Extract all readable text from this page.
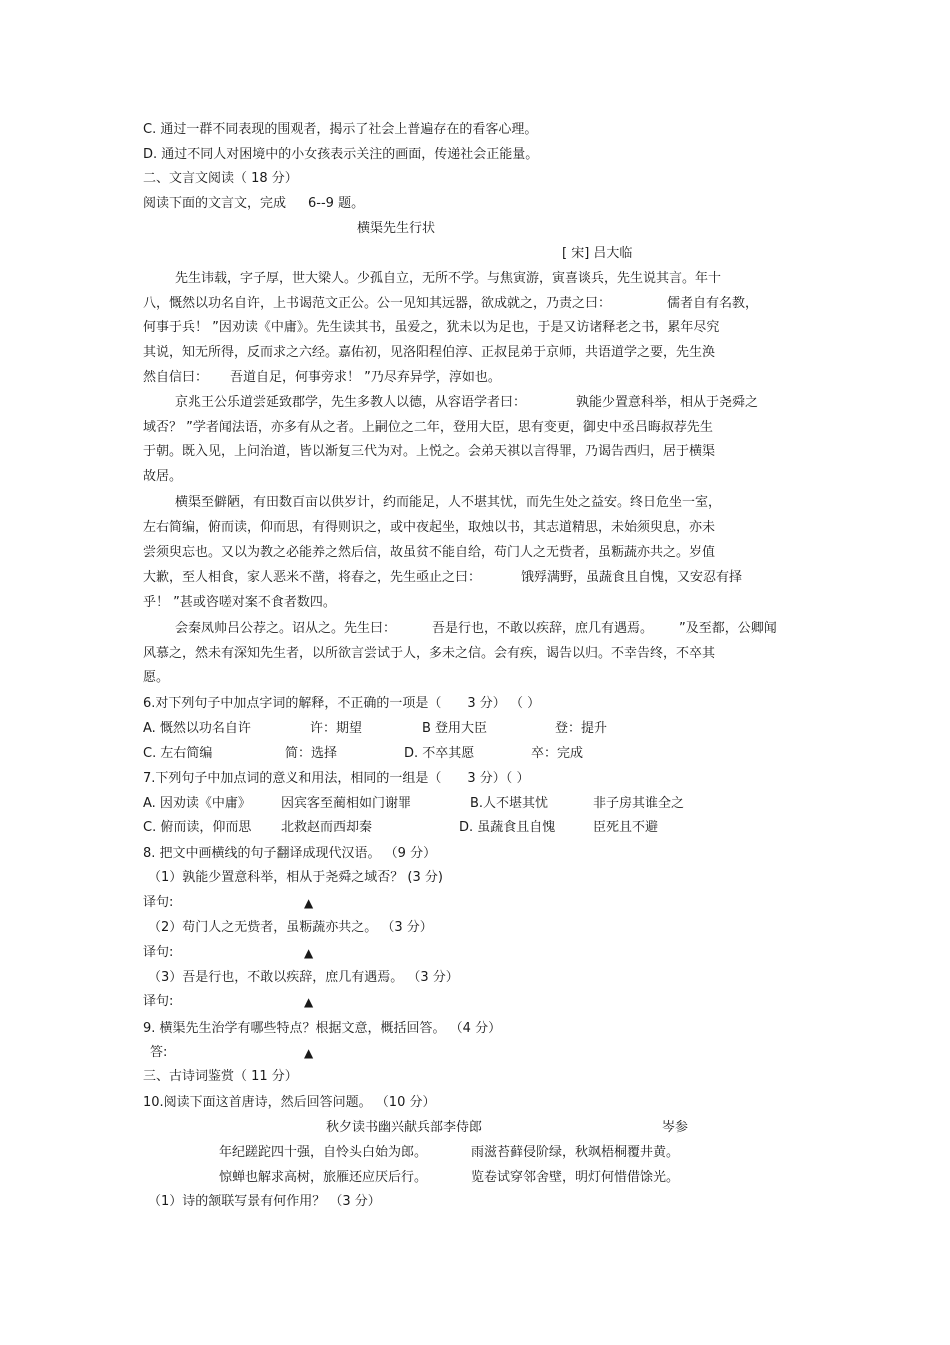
C. 通过一群不同表现的围观者，揭示了社会上普遍存在的看客心理。
D. 通过不同人对困境中的小女孩表示关注的画面，传递社会正能量。
二、文言文阅读（ 18 分）
阅读下面的文言文，完成 6--9 题。
横渠先生行状
[ 宋] 吕大临
先生讳载，字子厚，世大梁人。少孤自立，无所不学。与焦寅游，寅喜谈兵，先生说其言。年十
八，慨然以功名自许，上书谒范文正公。公一见知其远器，欲成就之，乃责之曰：	儒者自有名教，
何事于兵！ ”因劝读《中庸》。先生读其书，虽爱之，犹未以为足也，于是又访诸释老之书，累年尽究
其说，知无所得，反而求之六经。嘉佑初，见洛阳程伯淳、正叔昆弟于京师，共语道学之要，先生涣
然自信曰： 吾道自足，何事旁求！ ”乃尽弃异学，淳如也。
京兆王公乐道尝延致郡学，先生多教人以德，从容语学者曰：	孰能少置意科举，相从于尧舜之
域否？ ”学者闻法语，亦多有从之者。上嗣位之二年，登用大臣，思有变更，御史中丞吕晦叔荐先生
于朝。既入见，上问治道，皆以渐复三代为对。上悦之。会弟天祺以言得罪，乃谒告西归，居于横渠
故居。
横渠至僻陋，有田数百亩以供岁计，约而能足，人不堪其忧，而先生处之益安。终日危坐一室，
左右简编，俯而读，仰而思，有得则识之，或中夜起坐，取烛以书，其志道精思，未始须臾息，亦未
尝须臾忘也。又以为教之必能养之然后信，故虽贫不能自给，苟门人之无赀者，虽粝蔬亦共之。岁值
大歉，至人相食，家人恶米不凿，将春之，先生亟止之曰：	饿殍满野，虽蔬食且自愧，又安忍有择
乎！ ”甚或咨嗟对案不食者数四。
会秦凤帅吕公荐之。诏从之。先生曰：	吾是行也，不敢以疾辞，庶几有遇焉。 ”及至都，公卿闻
风慕之，然未有深知先生者，以所欲言尝试于人，多未之信。会有疾，谒告以归。不幸告终，不卒其
愿。
6.对下列句子中加点字词的解释，不正确的一项是（ 3 分） （ ）
A. 慨然以功名自许	许：期望	B 登用大臣	登：提升
C. 左右简编	简：选择	D. 不卒其愿	卒：完成
7.下列句子中加点词的意义和用法，相同的一组是（ 3 分）（ ）
A. 因劝读《中庸》 因宾客至蔺相如门谢罪	B.人不堪其忧	非子房其谁全之
C. 俯而读，仰而思 北救赵而西却秦	D. 虽蔬食且自愧	臣死且不避
8. 把文中画横线的句子翻译成现代汉语。 （9 分）
（1）孰能少置意科举，相从于尧舜之域否？ (3 分)
译句:	▲
（2）苟门人之无赀者，虽粝蔬亦共之。 （3 分）
译句:	▲
（3）吾是行也，不敢以疾辞，庶几有遇焉。 （3 分）
译句:	▲
9. 横渠先生治学有哪些特点？根据文意，概括回答。 （4 分）
答:	▲
三、古诗词鉴赏（ 11 分）
10.阅读下面这首唐诗，然后回答问题。 （10 分）
秋夕读书幽兴献兵部李侍郎	岑参
年纪蹉跎四十强，自怜头白始为郎。	雨滋苔藓侵阶绿，秋飒梧桐覆井黄。
惊蝉也解求高树，旅雁还应厌后行。	览卷试穿邻舍壁，明灯何惜借馀光。
（1）诗的颔联写景有何作用？ （3 分）
